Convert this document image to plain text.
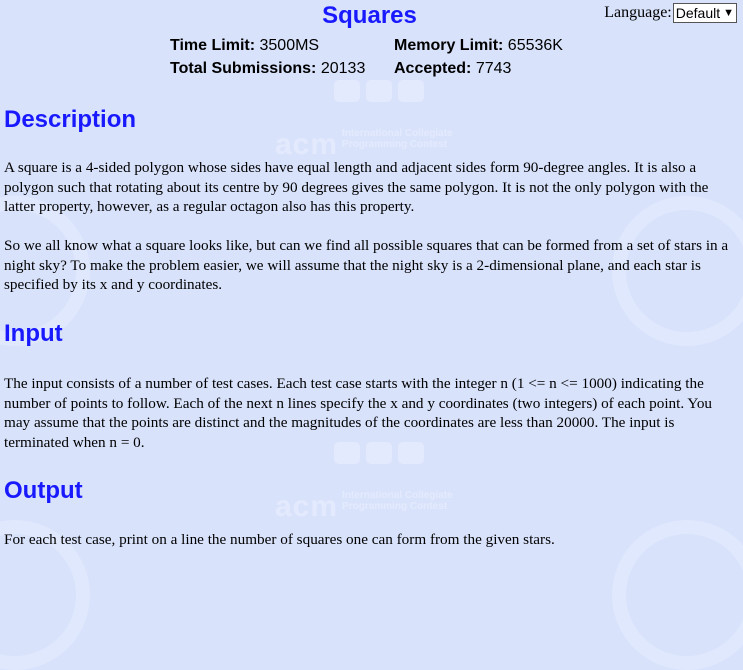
acm International Collegiate
Programming Contest
acm International Collegiate
Programming Contest
Language: Default ▼
Squares
Time Limit: 3500MS	Memory Limit: 65536K
Total Submissions: 20133	Accepted: 7743
Description

A square is a 4-sided polygon whose sides have equal length and adjacent sides form 90-degree angles. It is also a polygon such that rotating about its centre by 90 degrees gives the same polygon. It is not the only polygon with the latter property, however, as a regular octagon also has this property.

So we all know what a square looks like, but can we find all possible squares that can be formed from a set of stars in a night sky? To make the problem easier, we will assume that the night sky is a 2-dimensional plane, and each star is specified by its x and y coordinates.

Input

The input consists of a number of test cases. Each test case starts with the integer n (1 <= n <= 1000) indicating the number of points to follow. Each of the next n lines specify the x and y coordinates (two integers) of each point. You may assume that the points are distinct and the magnitudes of the coordinates are less than 20000. The input is terminated when n = 0.

Output

For each test case, print on a line the number of squares one can form from the given stars.
